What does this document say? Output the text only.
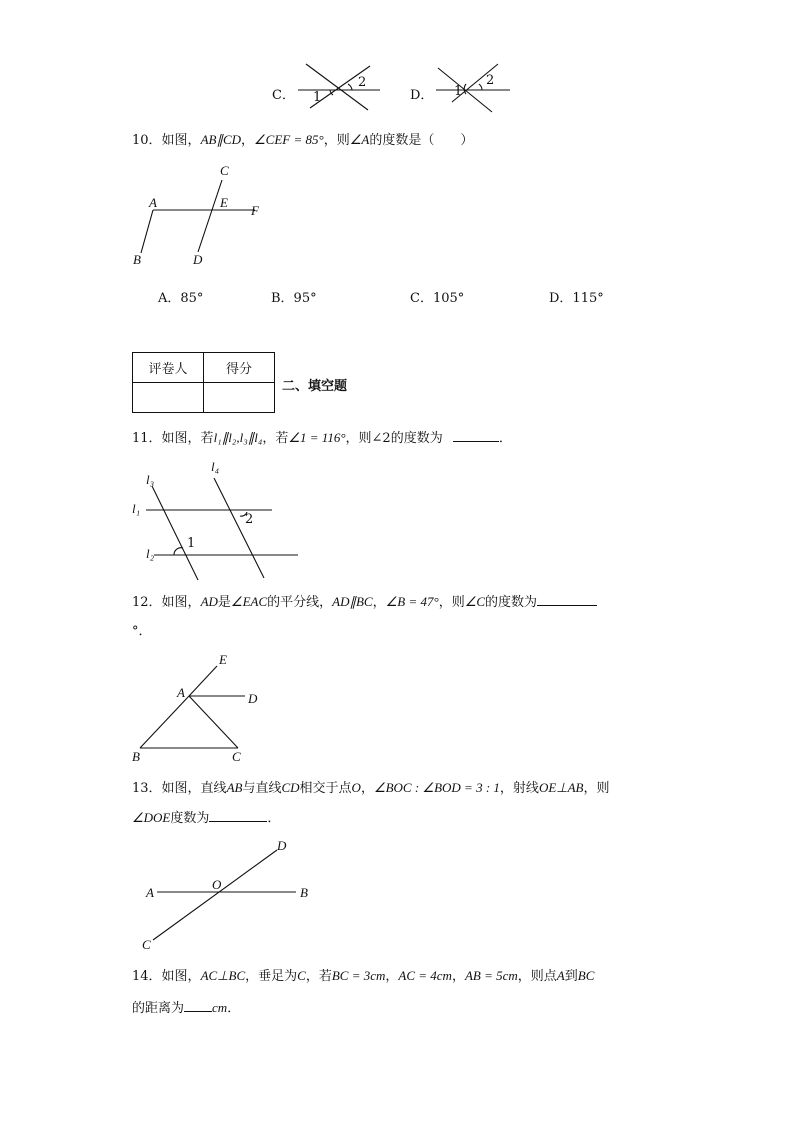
C． 1
2
D． 1
2
10．如图，AB∥CD，∠CEF = 85°，则∠A的度数是（　　）
C
A	E
F
B	D
A．85°	B．95°	C．105°	D．115°
评卷人	得分

二、填空题
11．如图，若l₁∥l₂,l₃∥l₄，若∠1 = 116°，则∠2的度数为	．
l₃
l₄
l₁
l₂
1
2
12．如图，AD是∠EAC的平分线，AD∥BC，∠B = 47°，则∠C的度数为
°．
E
A	D
B	C
13．如图，直线AB与直线CD相交于点O，∠BOC : ∠BOD = 3 : 1，射线OE⊥AB，则
∠DOE度数为	．
D
A
O
B
C
14．如图，AC⊥BC，垂足为C，若BC = 3cm，AC = 4cm，AB = 5cm，则点A到BC
的距离为 cm．
